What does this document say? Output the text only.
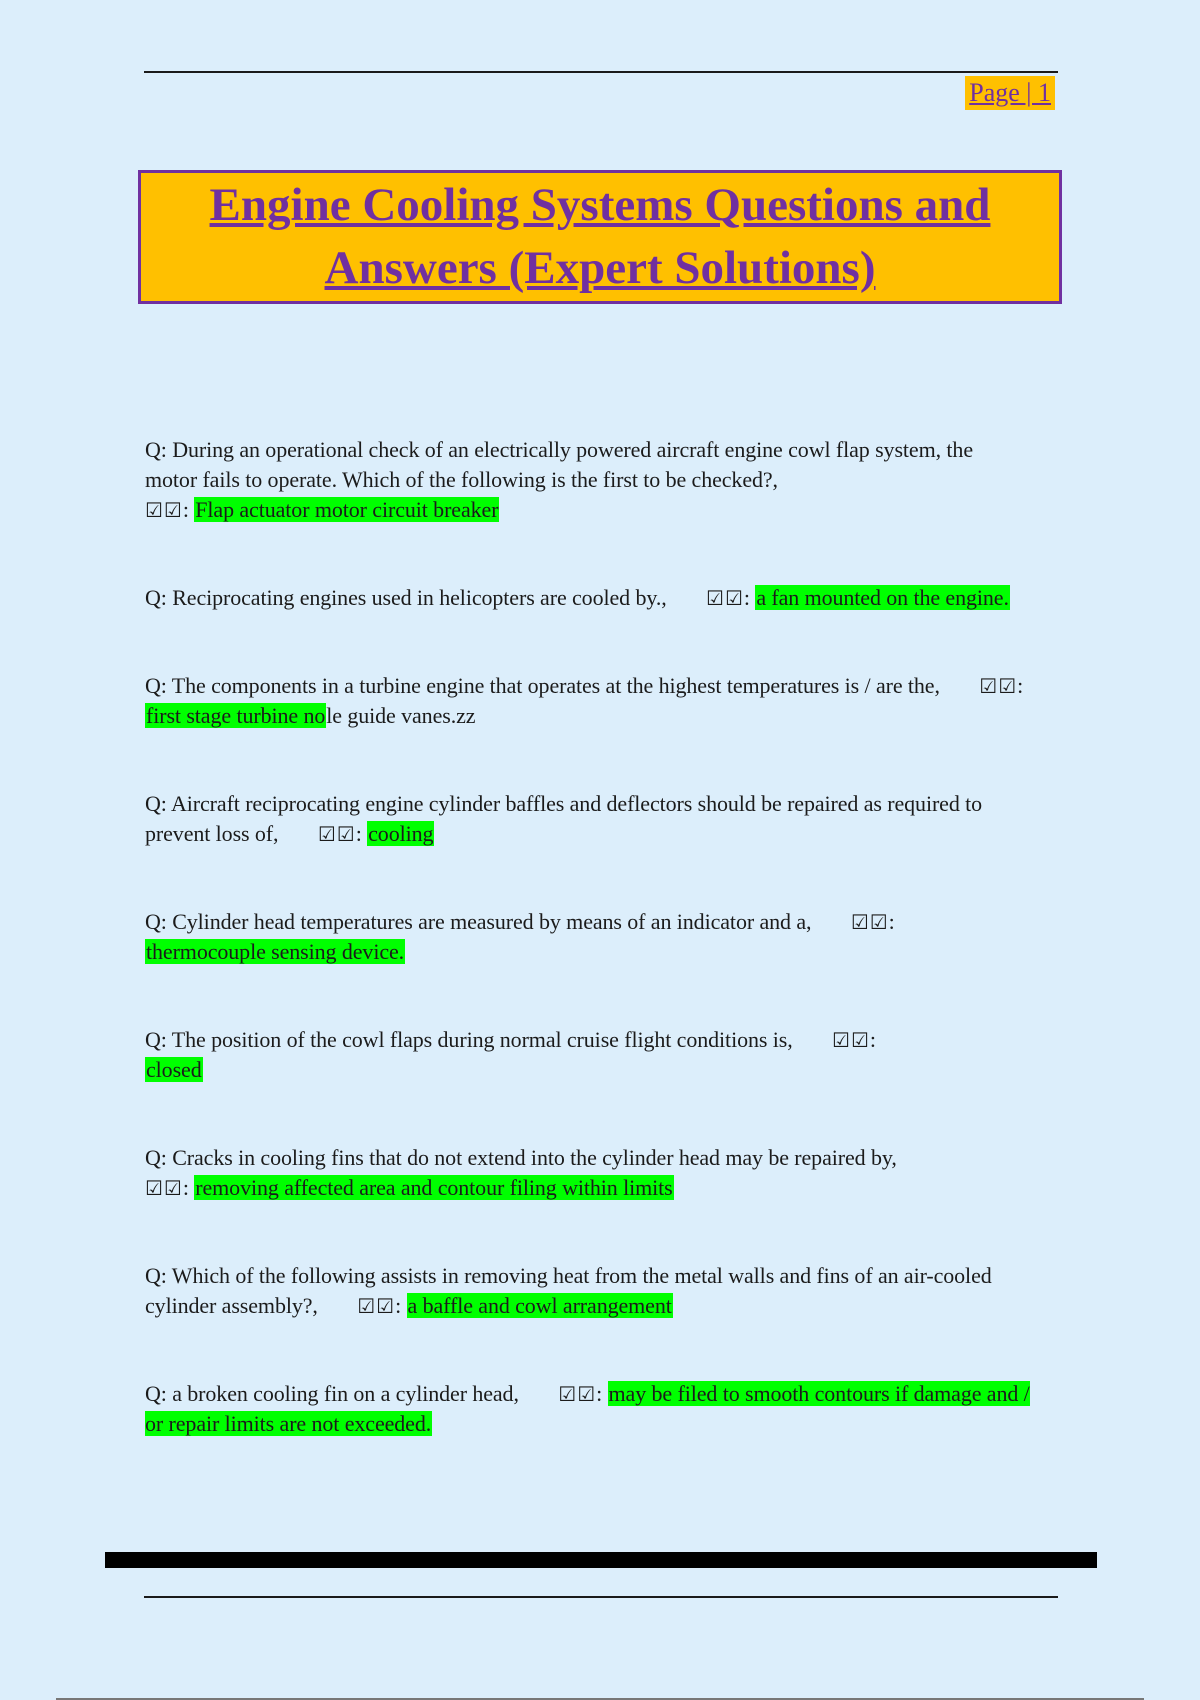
Page | 1
Engine Cooling Systems Questions and Answers (Expert Solutions)

Q: During an operational check of an electrically powered aircraft engine cowl flap system, the motor fails to operate. Which of the following is the first to be checked?,
☑☑: Flap actuator motor circuit breaker

Q: Reciprocating engines used in helicopters are cooled by., ☑☑: a fan mounted on the engine.

Q: The components in a turbine engine that operates at the highest temperatures is / are the, ☑☑: first stage turbine nole guide vanes.zz

Q: Aircraft reciprocating engine cylinder baffles and deflectors should be repaired as required to prevent loss of, ☑☑: cooling

Q: Cylinder head temperatures are measured by means of an indicator and a, ☑☑:
thermocouple sensing device.

Q: The position of the cowl flaps during normal cruise flight conditions is, ☑☑:
closed

Q: Cracks in cooling fins that do not extend into the cylinder head may be repaired by,
☑☑: removing affected area and contour filing within limits

Q: Which of the following assists in removing heat from the metal walls and fins of an air-cooled cylinder assembly?, ☑☑: a baffle and cowl arrangement

Q: a broken cooling fin on a cylinder head, ☑☑: may be filed to smooth contours if damage and / or repair limits are not exceeded.
